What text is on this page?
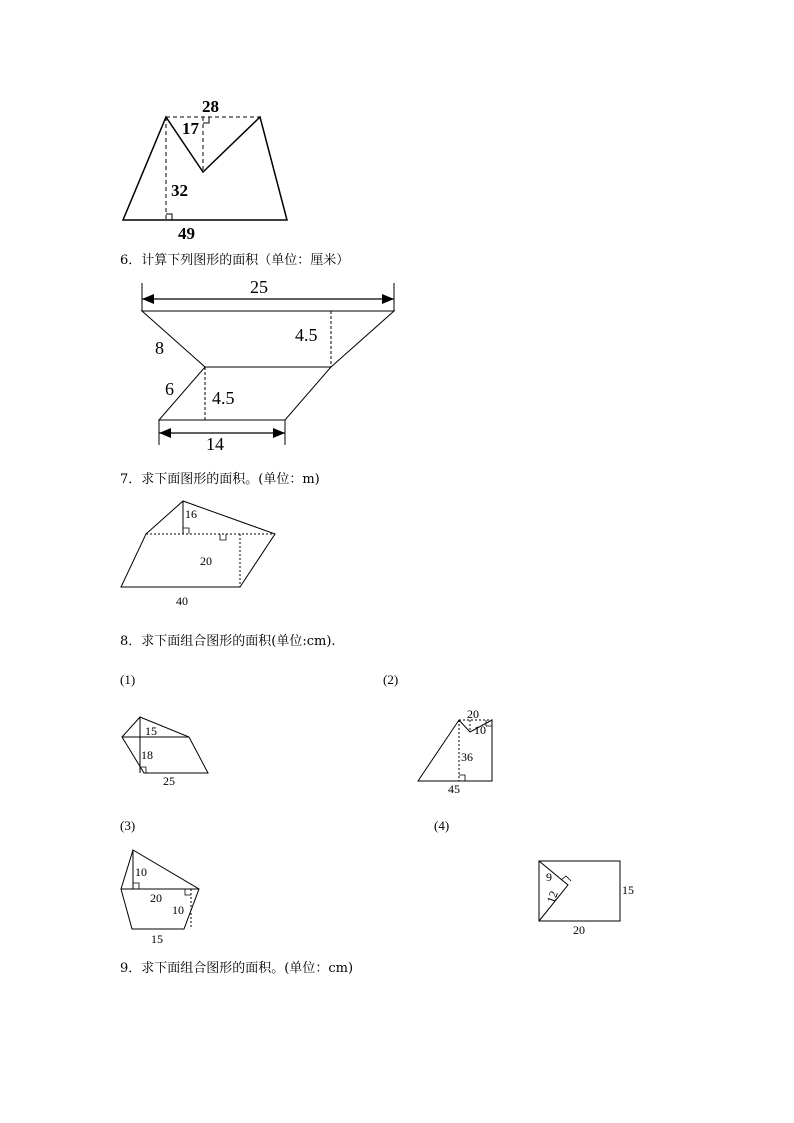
28
17
32
49
6．计算下列图形的面积（单位：厘米）
25
4.5
8
6 4.5
14
7．求下面图形的面积。(单位：m)
16
20
40
8．求下面组合图形的面积(单位:cm).
(1)	(2)
15
18
25
20
10
36
45
(3)	(4)
10
20
10
15
9
12	15
20
9．求下面组合图形的面积。(单位：cm)
